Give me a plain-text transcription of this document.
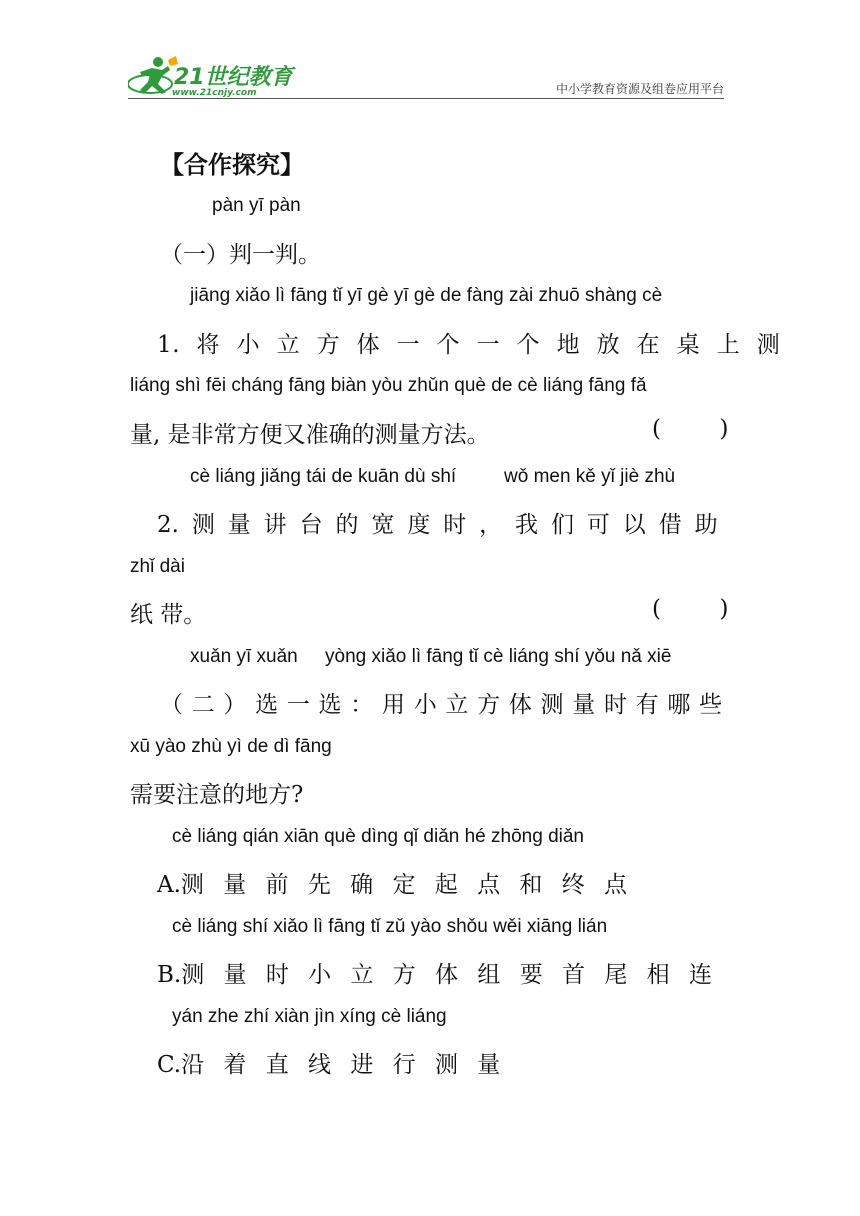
21世纪教育
www.21cnjy.com	中小学教育资源及组卷应用平台
【合作探究】
pàn yī pàn
（一）判一判。
jiāng xiǎo lì fāng tǐ yī gè yī gè de fàng zài zhuō shàng cè
1. 将 小 立 方 体 一 个 一 个 地 放 在 桌 上 测
liáng shì fēi cháng fāng biàn yòu zhǔn què de cè liáng fāng fǎ
量, 是非常方便又准确的测量方法。	(        )
cè liáng jiǎng tái de kuān dù shí	wǒ men kě yǐ jiè zhù
2. 测 量 讲 台 的 宽 度 时 ， 我 们 可 以 借 助
zhǐ dài
纸 带。	(        )
xuǎn yī xuǎn yòng xiǎo lì fāng tǐ cè liáng shí yǒu nǎ xiē
（ 二 ） 选 一 选 ： 用 小 立 方 体 测 量 时 有 哪 些
xū yào zhù yì de dì fāng
需要注意的地方?
cè liáng qián xiān què dìng qǐ diǎn hé zhōng diǎn
A.测 量 前 先 确 定 起 点 和 终 点
cè liáng shí xiǎo lì fāng tǐ zǔ yào shǒu wěi xiāng lián
B.测 量 时 小 立 方 体 组 要 首 尾 相 连
yán zhe zhí xiàn jìn xíng cè liáng
C.沿 着 直 线 进 行 测 量
